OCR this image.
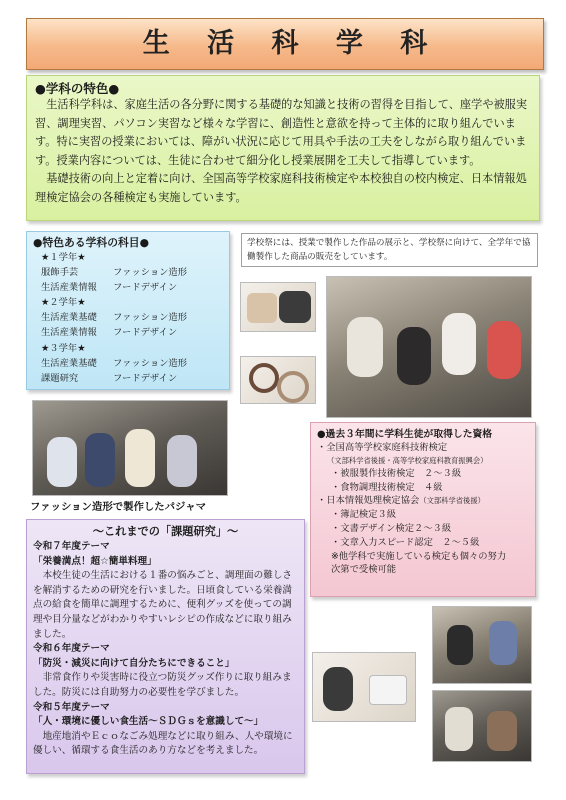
生 活 科 学 科
●学科の特色●

　生活科学科は、家庭生活の各分野に関する基礎的な知識と技術の習得を目指して、座学や被服実習、調理実習、パソコン実習など様々な学習に、創造性と意欲を持って主体的に取り組んでいます。特に実習の授業においては、障がい状況に応じて用具や手法の工夫をしながら取り組んでいます。授業内容については、生徒に合わせて細分化し授業展開を工夫して指導しています。

　基礎技術の向上と定着に向け、全国高等学校家庭科技術検定や本校独自の校内検定、日本情報処理検定協会の各種検定も実施しています。

●特色ある学科の科目●
★１学年★
服飾手芸	ファッション造形
生活産業情報 フードデザイン
★２学年★
生活産業基礎 ファッション造形
生活産業情報 フードデザイン
★３学年★
生活産業基礎 ファッション造形
課題研究	フードデザイン
学校祭には、授業で製作した作品の展示と、学校祭に向けて、全学年で協働製作した商品の販売をしています。
ファッション造形で製作したパジャマ
●過去３年間に学科生徒が取得した資格
・全国高等学校家庭科技術検定
（文部科学省後援・高等学校家庭科教育振興会）
・被服製作技術検定　２～３級
・食物調理技術検定　４級
・日本情報処理検定協会（文部科学省後援）
・簿記検定３級
・文書デザイン検定２～３級
・文章入力スピード認定　２～５級
※他学科で実施している検定も個々の努力
次第で受検可能
～これまでの「課題研究」～
令和７年度テーマ
「栄養満点！超☆簡単料理」

　本校生徒の生活における１番の悩みごと、調理面の難しさを解消するための研究を行いました。日頃食している栄養満点の給食を簡単に調理するために、便利グッズを使っての調理や目分量などがわかりやすいレシピの作成などに取り組みました。

令和６年度テーマ
「防災・減災に向けて自分たちにできること」

　非常食作りや災害時に役立つ防災グッズ作りに取り組みました。防災には自助努力の必要性を学びました。

令和５年度テーマ
「人・環境に優しい食生活～ＳＤＧｓを意識して～」

　地産地消やＥｃｏなごみ処理などに取り組み、人や環境に優しい、循環する食生活のあり方などを考えました。
